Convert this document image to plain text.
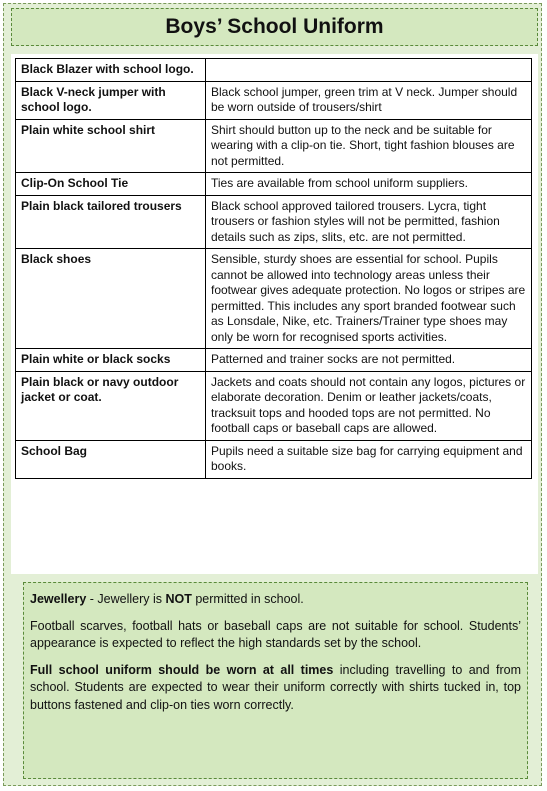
Boys’ School Uniform
Black Blazer with school logo.	
Black V-neck jumper with school logo.	Black school jumper, green trim at V neck. Jumper should be worn outside of trousers/shirt
Plain white school shirt	Shirt should button up to the neck and be suitable for wearing with a clip-on tie. Short, tight fashion blouses are not permitted.
Clip-On School Tie	Ties are available from school uniform suppliers.
Plain black tailored trousers	Black school approved tailored trousers. Lycra, tight trousers or fashion styles will not be permitted, fashion details such as zips, slits, etc. are not permitted.
Black shoes	Sensible, sturdy shoes are essential for school. Pupils cannot be allowed into technology areas unless their footwear gives adequate protection. No logos or stripes are permitted. This includes any sport branded footwear such as Lonsdale, Nike, etc. Trainers/Trainer type shoes may only be worn for recognised sports activities.
Plain white or black socks	Patterned and trainer socks are not permitted.
Plain black or navy outdoor jacket or coat.	Jackets and coats should not contain any logos, pictures or elaborate decoration. Denim or leather jackets/coats, tracksuit tops and hooded tops are not permitted. No football caps or baseball caps are allowed.
School Bag	Pupils need a suitable size bag for carrying equipment and books.

Jewellery - Jewellery is NOT permitted in school.

Football scarves, football hats or baseball caps are not suitable for school. Students’ appearance is expected to reflect the high standards set by the school.

Full school uniform should be worn at all times including travelling to and from school. Students are expected to wear their uniform correctly with shirts tucked in, top buttons fastened and clip-on ties worn correctly.
